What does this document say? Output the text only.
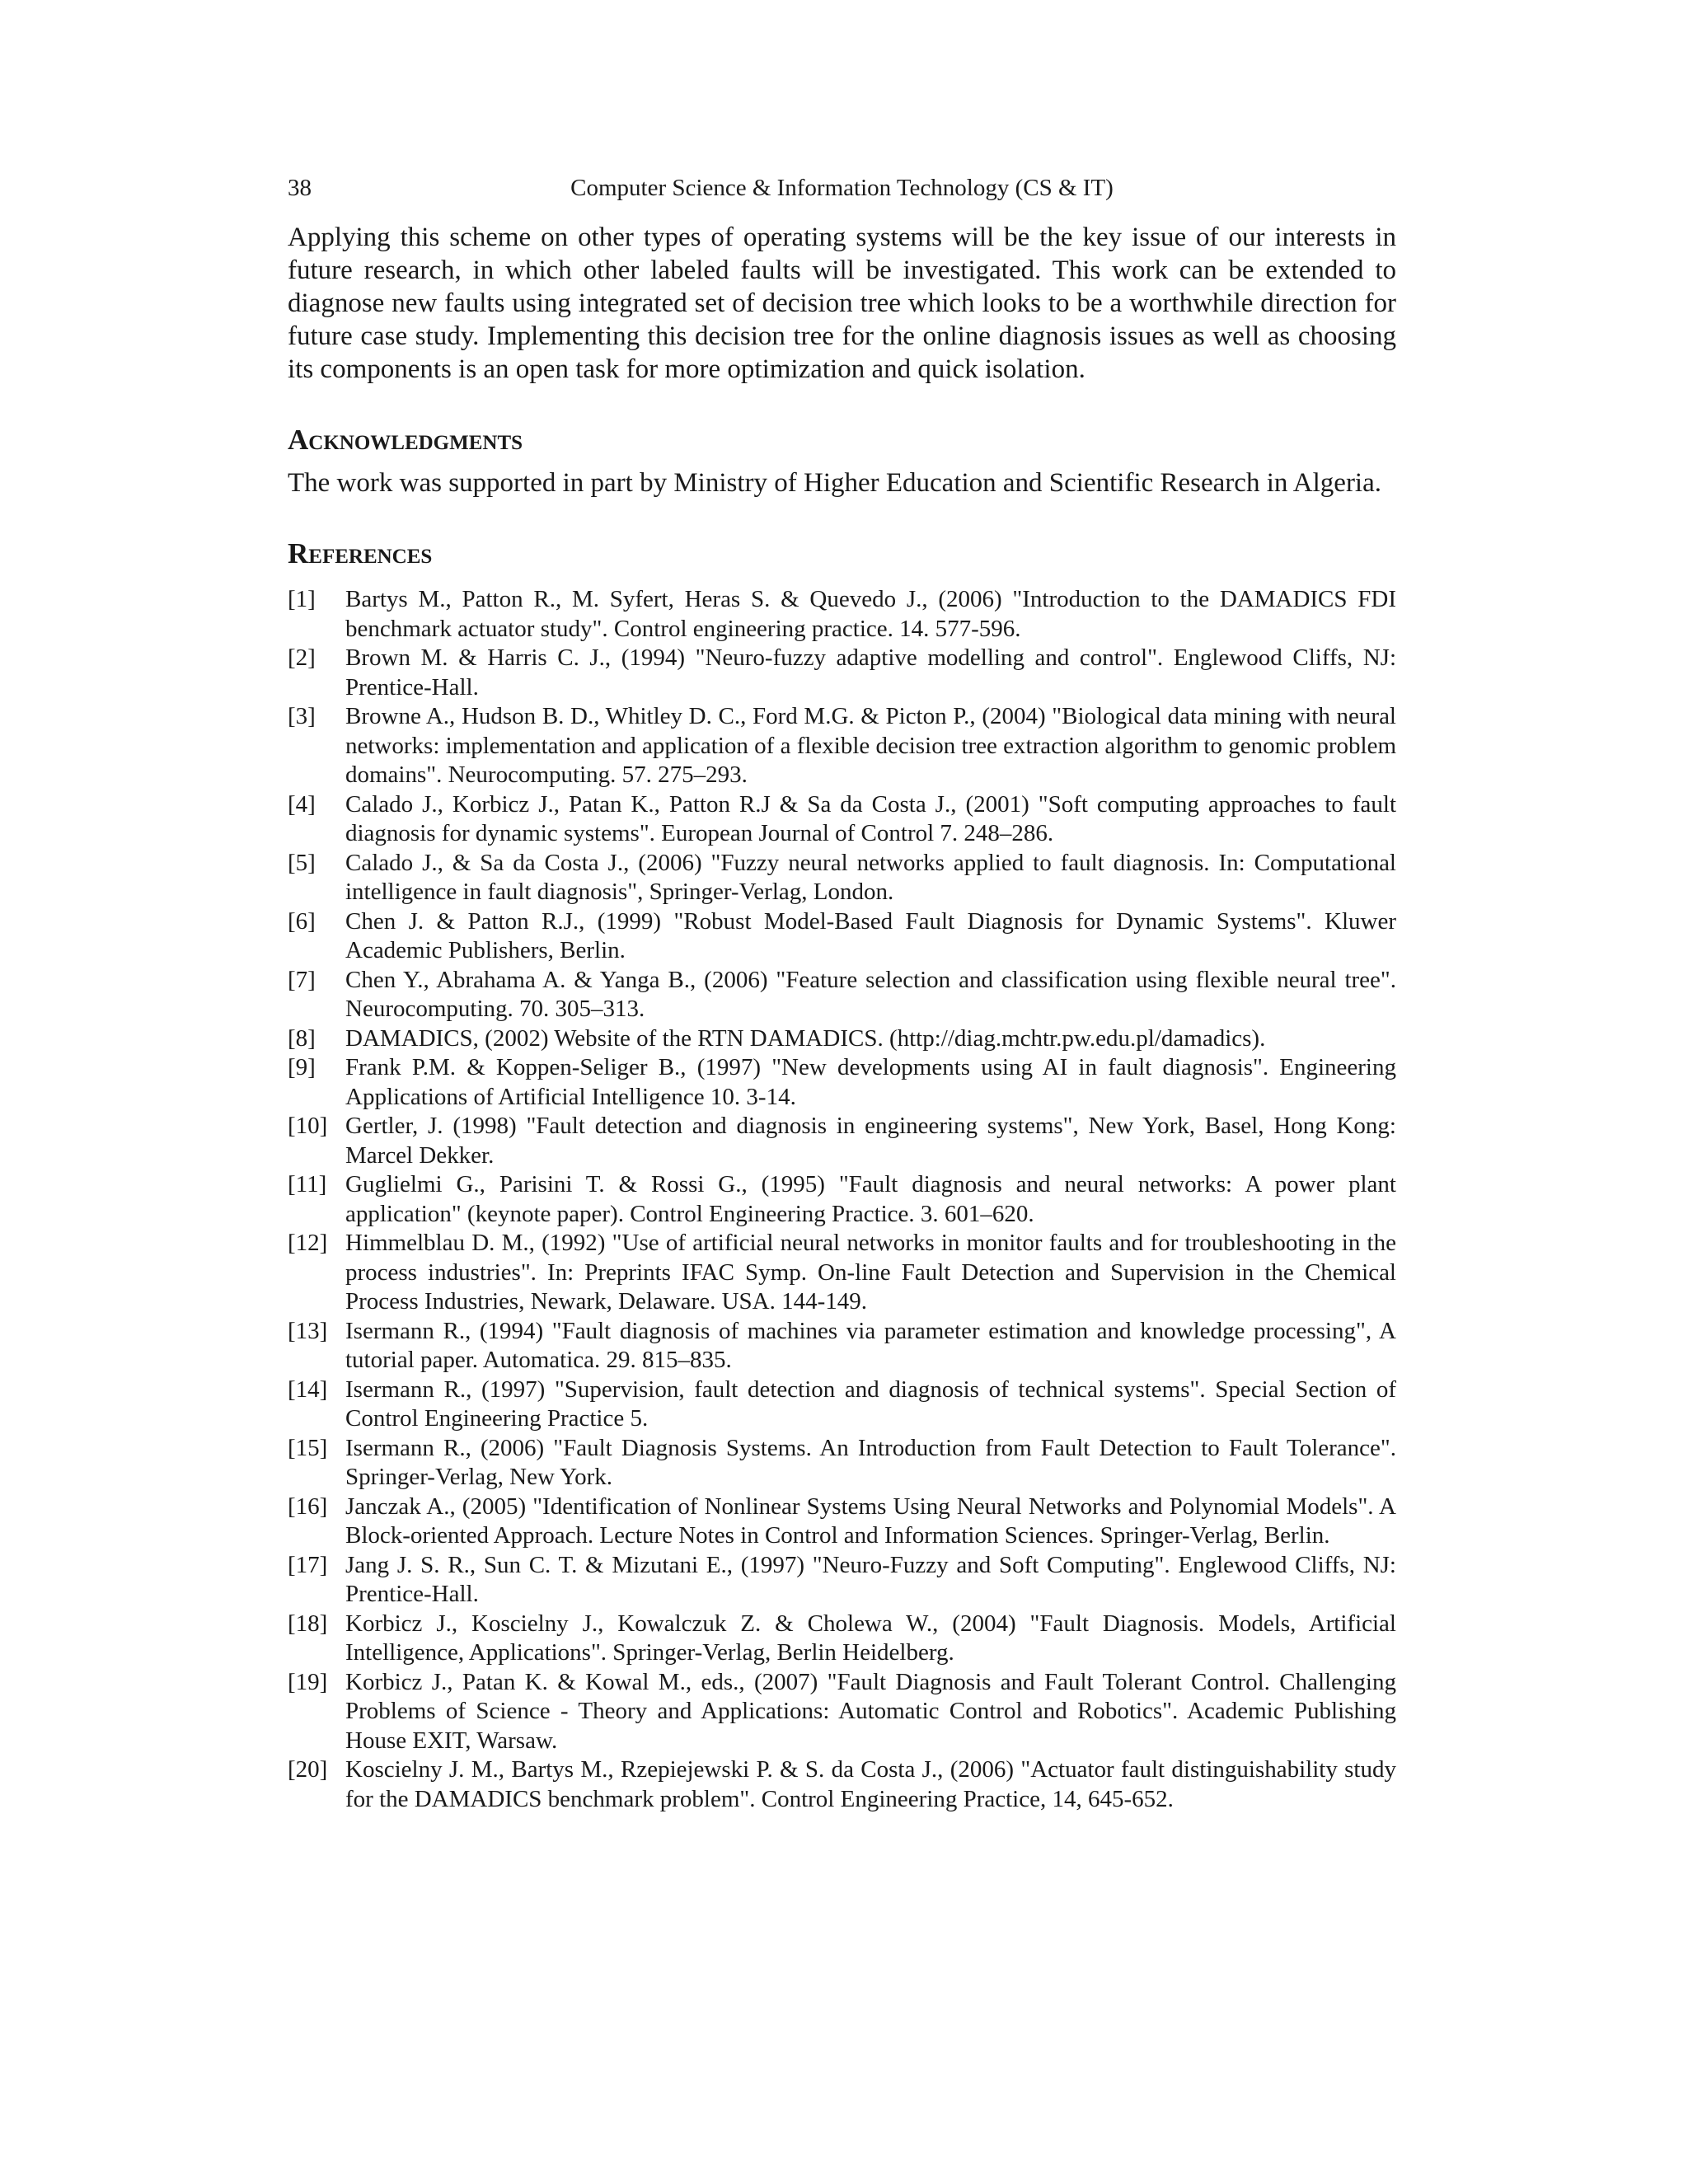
38	Computer Science & Information Technology (CS & IT)

Applying this scheme on other types of operating systems will be the key issue of our interests in future research, in which other labeled faults will be investigated. This work can be extended to diagnose new faults using integrated set of decision tree which looks to be a worthwhile direction for future case study. Implementing this decision tree for the online diagnosis issues as well as choosing its components is an open task for more optimization and quick isolation.

Acknowledgments

The work was supported in part by Ministry of Higher Education and Scientific Research in Algeria.

References
[1]	Bartys M., Patton R., M. Syfert, Heras S. & Quevedo J., (2006) "Introduction to the DAMADICS FDI benchmark actuator study". Control engineering practice. 14. 577-596.
[2]	Brown M. & Harris C. J., (1994) "Neuro-fuzzy adaptive modelling and control". Englewood Cliffs, NJ: Prentice-Hall.
[3]	Browne A., Hudson B. D., Whitley D. C., Ford M.G. & Picton P., (2004) "Biological data mining with neural networks: implementation and application of a flexible decision tree extraction algorithm to genomic problem domains". Neurocomputing. 57. 275–293.
[4]	Calado J., Korbicz J., Patan K., Patton R.J & Sa da Costa J., (2001) "Soft computing approaches to fault diagnosis for dynamic systems". European Journal of Control 7. 248–286.
[5]	Calado J., & Sa da Costa J., (2006) "Fuzzy neural networks applied to fault diagnosis. In: Computational intelligence in fault diagnosis", Springer-Verlag, London.
[6]	Chen J. & Patton R.J., (1999) "Robust Model-Based Fault Diagnosis for Dynamic Systems". Kluwer Academic Publishers, Berlin.
[7]	Chen Y., Abrahama A. & Yanga B., (2006) "Feature selection and classification using flexible neural tree". Neurocomputing. 70. 305–313.
[8]	DAMADICS, (2002) Website of the RTN DAMADICS. (http://diag.mchtr.pw.edu.pl/damadics).
[9]	Frank P.M. & Koppen-Seliger B., (1997) "New developments using AI in fault diagnosis". Engineering Applications of Artificial Intelligence 10. 3-14.
[10] Gertler, J. (1998) "Fault detection and diagnosis in engineering systems", New York, Basel, Hong Kong: Marcel Dekker.
[11] Guglielmi G., Parisini T. & Rossi G., (1995) "Fault diagnosis and neural networks: A power plant application" (keynote paper). Control Engineering Practice. 3. 601–620.
[12] Himmelblau D. M., (1992) "Use of artificial neural networks in monitor faults and for troubleshooting in the process industries". In: Preprints IFAC Symp. On-line Fault Detection and Supervision in the Chemical Process Industries, Newark, Delaware. USA. 144-149.
[13] Isermann R., (1994) "Fault diagnosis of machines via parameter estimation and knowledge processing", A tutorial paper. Automatica. 29. 815–835.
[14] Isermann R., (1997) "Supervision, fault detection and diagnosis of technical systems". Special Section of Control Engineering Practice 5.
[15] Isermann R., (2006) "Fault Diagnosis Systems. An Introduction from Fault Detection to Fault Tolerance". Springer-Verlag, New York.
[16] Janczak A., (2005) "Identification of Nonlinear Systems Using Neural Networks and Polynomial Models". A Block-oriented Approach. Lecture Notes in Control and Information Sciences. Springer-Verlag, Berlin.
[17] Jang J. S. R., Sun C. T. & Mizutani E., (1997) "Neuro-Fuzzy and Soft Computing". Englewood Cliffs, NJ: Prentice-Hall.
[18] Korbicz J., Koscielny J., Kowalczuk Z. & Cholewa W., (2004) "Fault Diagnosis. Models, Artificial Intelligence, Applications". Springer-Verlag, Berlin Heidelberg.
[19] Korbicz J., Patan K. & Kowal M., eds., (2007) "Fault Diagnosis and Fault Tolerant Control. Challenging Problems of Science - Theory and Applications: Automatic Control and Robotics". Academic Publishing House EXIT, Warsaw.
[20] Koscielny J. M., Bartys M., Rzepiejewski P. & S. da Costa J., (2006) "Actuator fault distinguishability study for the DAMADICS benchmark problem". Control Engineering Practice, 14, 645-652.
